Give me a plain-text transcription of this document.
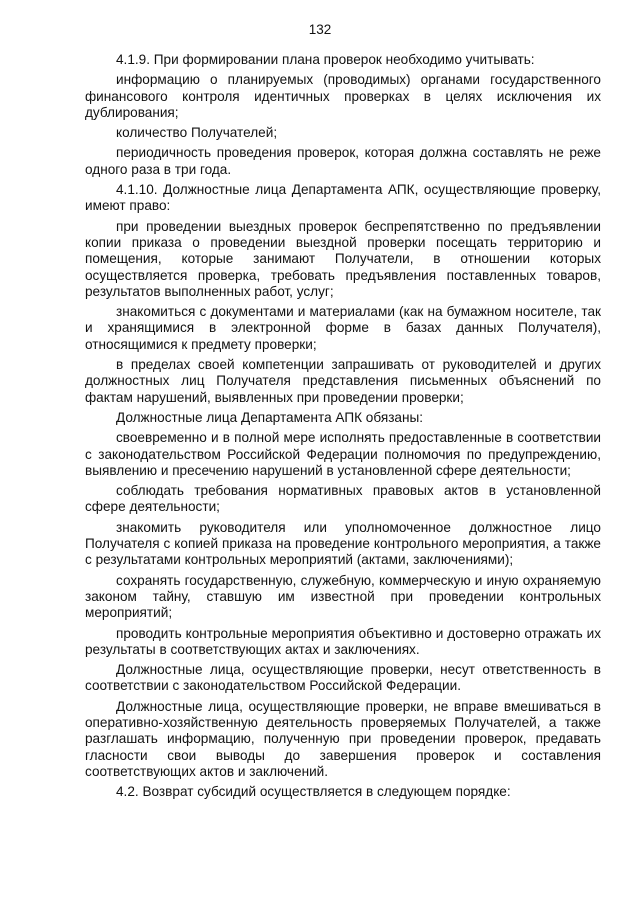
132

4.1.9. При формировании плана проверок необходимо учитывать:

информацию о планируемых (проводимых) органами государственного финансового контроля идентичных проверках в целях исключения их дублирования;

количество Получателей;

периодичность проведения проверок, которая должна составлять не реже одного раза в три года.

4.1.10. Должностные лица Департамента АПК, осуществляющие проверку, имеют право:

при проведении выездных проверок беспрепятственно по предъявлении копии приказа о проведении выездной проверки посещать территорию и помещения, которые занимают Получатели, в отношении которых осуществляется проверка, требовать предъявления поставленных товаров, результатов выполненных работ, услуг;

знакомиться с документами и материалами (как на бумажном носителе, так и хранящимися в электронной форме в базах данных Получателя), относящимися к предмету проверки;

в пределах своей компетенции запрашивать от руководителей и других должностных лиц Получателя представления письменных объяснений по фактам нарушений, выявленных при проведении проверки;

Должностные лица Департамента АПК обязаны:

своевременно и в полной мере исполнять предоставленные в соответствии с законодательством Российской Федерации полномочия по предупреждению, выявлению и пресечению нарушений в установленной сфере деятельности;

соблюдать требования нормативных правовых актов в установленной сфере деятельности;

знакомить руководителя или уполномоченное должностное лицо Получателя с копией приказа на проведение контрольного мероприятия, а также с результатами контрольных мероприятий (актами, заключениями);

сохранять государственную, служебную, коммерческую и иную охраняемую законом тайну, ставшую им известной при проведении контрольных мероприятий;

проводить контрольные мероприятия объективно и достоверно отражать их результаты в соответствующих актах и заключениях.

Должностные лица, осуществляющие проверки, несут ответственность в соответствии с законодательством Российской Федерации.

Должностные лица, осуществляющие проверки, не вправе вмешиваться в оперативно-хозяйственную деятельность проверяемых Получателей, а также разглашать информацию, полученную при проведении проверок, предавать гласности свои выводы до завершения проверок и составления соответствующих актов и заключений.

4.2. Возврат субсидий осуществляется в следующем порядке:
